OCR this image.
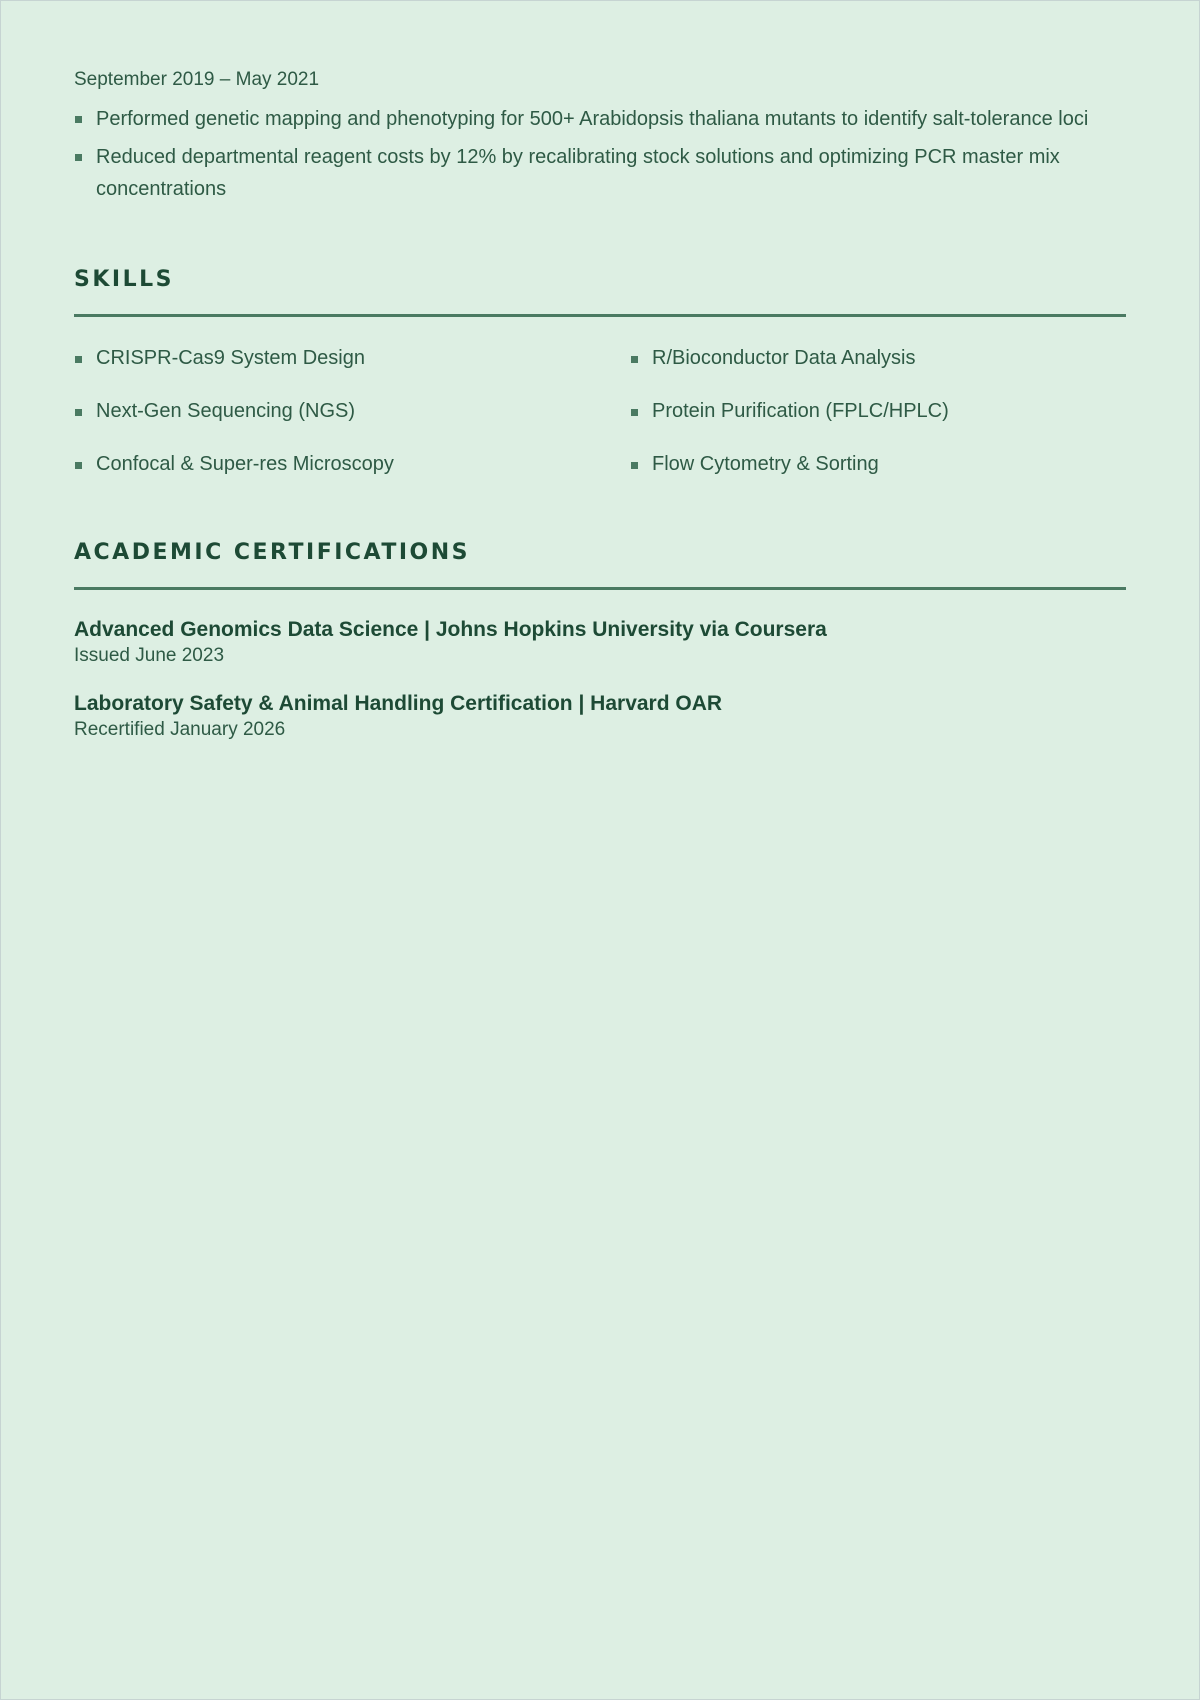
September 2019 – May 2021
Performed genetic mapping and phenotyping for 500+ Arabidopsis thaliana mutants to identify salt-tolerance loci
Reduced departmental reagent costs by 12% by recalibrating stock solutions and optimizing PCR master mix concentrations
SKILLS
CRISPR-Cas9 System Design	R/Bioconductor Data Analysis
Next-Gen Sequencing (NGS)	Protein Purification (FPLC/HPLC)
Confocal & Super-res Microscopy	Flow Cytometry & Sorting
ACADEMIC CERTIFICATIONS
Advanced Genomics Data Science | Johns Hopkins University via Coursera
Issued June 2023
Laboratory Safety & Animal Handling Certification | Harvard OAR
Recertified January 2026
